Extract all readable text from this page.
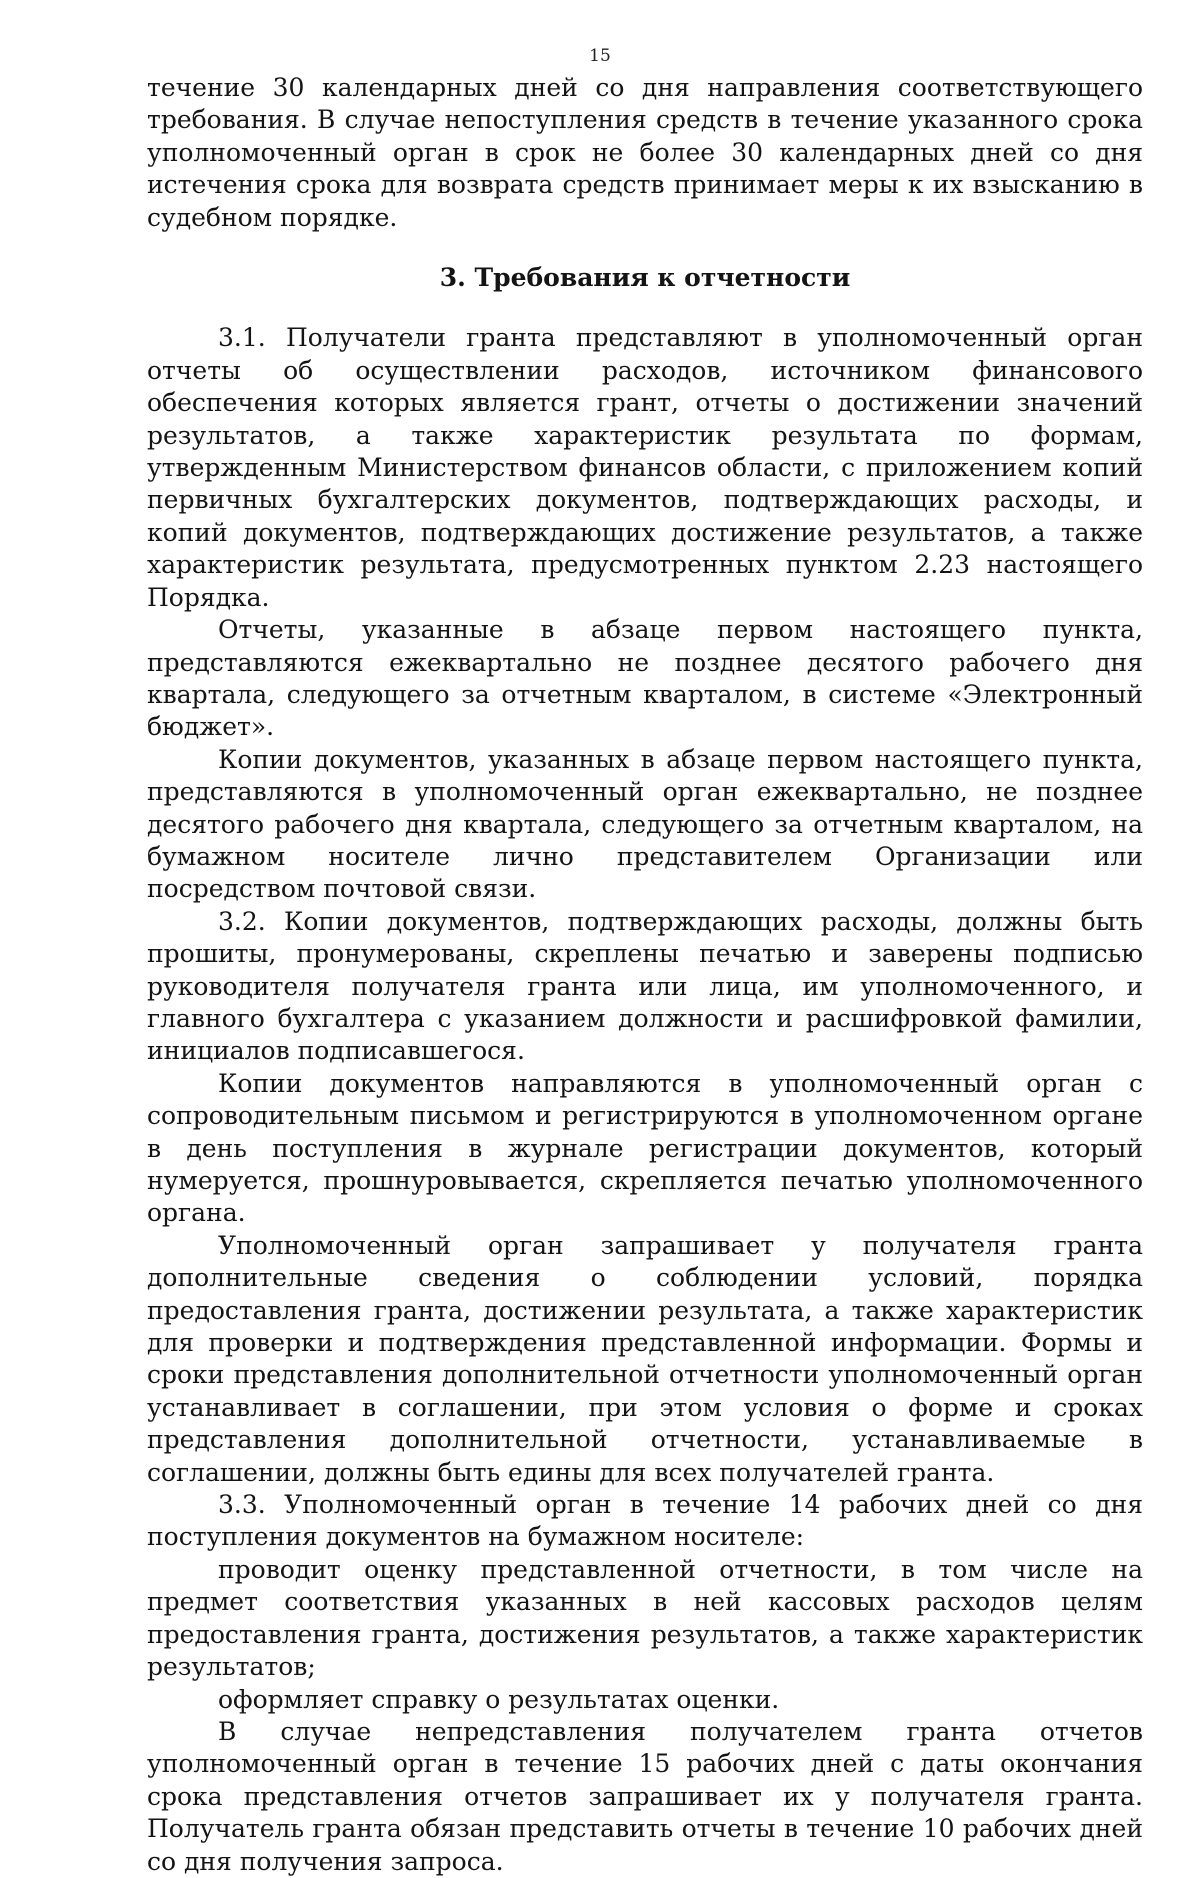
15

течение 30 календарных дней со дня направления соответствующего требования. В случае непоступления средств в течение указанного срока уполномоченный орган в срок не более 30 календарных дней со дня истечения срока для возврата средств принимает меры к их взысканию в судебном порядке.

3. Требования к отчетности

3.1. Получатели гранта представляют в уполномоченный орган отчеты об осуществлении расходов, источником финансового обеспечения которых является грант, отчеты о достижении значений результатов, а также характеристик результата по формам, утвержденным Министерством финансов области, с приложением копий первичных бухгалтерских документов, подтверждающих расходы, и копий документов, подтверждающих достижение результатов, а также характеристик результата, предусмотренных пунктом 2.23 настоящего Порядка.

Отчеты, указанные в абзаце первом настоящего пункта, представляются ежеквартально не позднее десятого рабочего дня квартала, следующего за отчетным кварталом, в системе «Электронный бюджет».

Копии документов, указанных в абзаце первом настоящего пункта, представляются в уполномоченный орган ежеквартально, не позднее десятого рабочего дня квартала, следующего за отчетным кварталом, на бумажном носителе лично представителем Организации или посредством почтовой связи.

3.2. Копии документов, подтверждающих расходы, должны быть прошиты, пронумерованы, скреплены печатью и заверены подписью руководителя получателя гранта или лица, им уполномоченного, и главного бухгалтера с указанием должности и расшифровкой фамилии, инициалов подписавшегося.

Копии документов направляются в уполномоченный орган с сопроводительным письмом и регистрируются в уполномоченном органе в день поступления в журнале регистрации документов, который нумеруется, прошнуровывается, скрепляется печатью уполномоченного органа.

Уполномоченный орган запрашивает у получателя гранта дополнительные сведения о соблюдении условий, порядка предоставления гранта, достижении результата, а также характеристик для проверки и подтверждения представленной информации. Формы и сроки представления дополнительной отчетности уполномоченный орган устанавливает в соглашении, при этом условия о форме и сроках представления дополнительной отчетности, устанавливаемые в соглашении, должны быть едины для всех получателей гранта.

3.3. Уполномоченный орган в течение 14 рабочих дней со дня поступления документов на бумажном носителе:

проводит оценку представленной отчетности, в том числе на предмет соответствия указанных в ней кассовых расходов целям предоставления гранта, достижения результатов, а также характеристик результатов;

оформляет справку о результатах оценки.

В случае непредставления получателем гранта отчетов уполномоченный орган в течение 15 рабочих дней с даты окончания срока представления отчетов запрашивает их у получателя гранта. Получатель гранта обязан представить отчеты в течение 10 рабочих дней со дня получения запроса.
